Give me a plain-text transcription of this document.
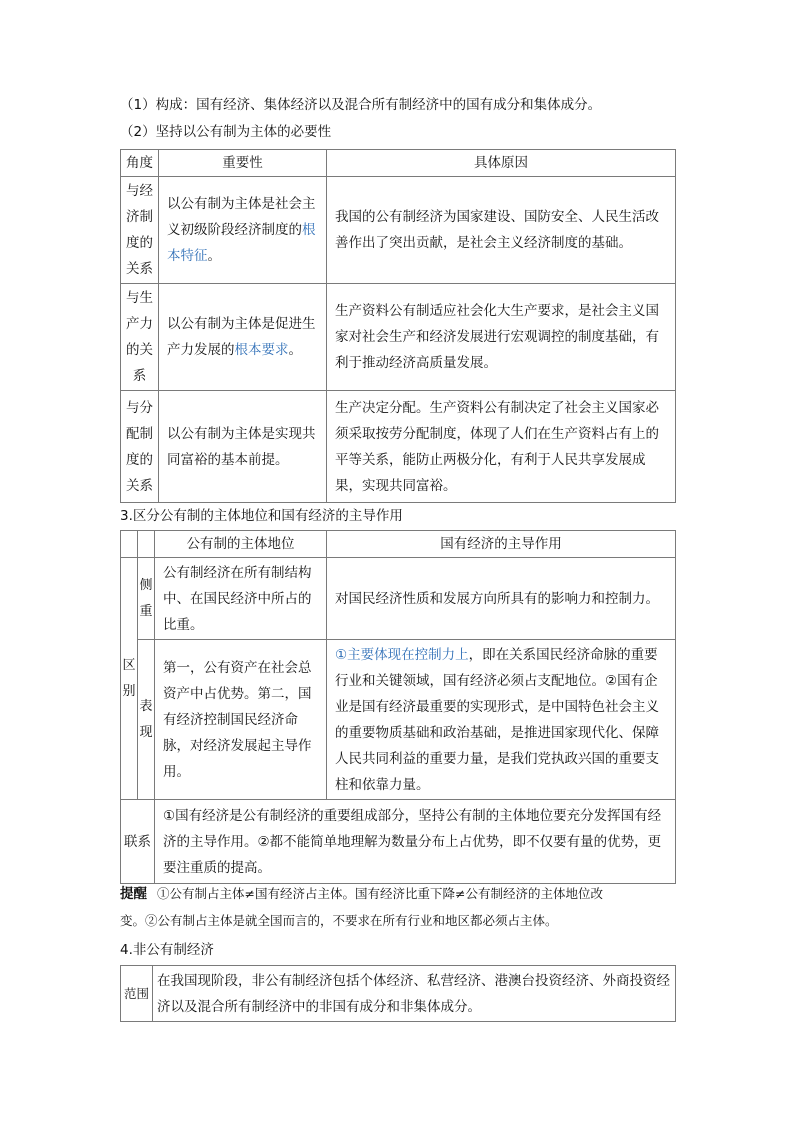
（1）构成：国有经济、集体经济以及混合所有制经济中的国有成分和集体成分。
（2）坚持以公有制为主体的必要性
角度	重要性	具体原因
与经济制度的关系	以公有制为主体是社会主义初级阶段经济制度的根本特征。	我国的公有制经济为国家建设、国防安全、人民生活改善作出了突出贡献，是社会主义经济制度的基础。
与生产力的关系	以公有制为主体是促进生产力发展的根本要求。	生产资料公有制适应社会化大生产要求，是社会主义国家对社会生产和经济发展进行宏观调控的制度基础，有利于推动经济高质量发展。
与分配制度的关系	以公有制为主体是实现共同富裕的基本前提。	生产决定分配。生产资料公有制决定了社会主义国家必须采取按劳分配制度，体现了人们在生产资料占有上的平等关系，能防止两极分化，有利于人民共享发展成果，实现共同富裕。
3.区分公有制的主体地位和国有经济的主导作用
		公有制的主体地位	国有经济的主导作用
区别	侧重	公有制经济在所有制结构中、在国民经济中所占的比重。	对国民经济性质和发展方向所具有的影响力和控制力。
	表现	第一，公有资产在社会总资产中占优势。第二，国有经济控制国民经济命脉，对经济发展起主导作用。	①主要体现在控制力上，即在关系国民经济命脉的重要行业和关键领域，国有经济必须占支配地位。②国有企业是国有经济最重要的实现形式，是中国特色社会主义的重要物质基础和政治基础，是推进国家现代化、保障人民共同利益的重要力量，是我们党执政兴国的重要支柱和依靠力量。
联系		①国有经济是公有制经济的重要组成部分，坚持公有制的主体地位要充分发挥国有经济的主导作用。②都不能简单地理解为数量分布上占优势，即不仅要有量的优势，更要注重质的提高。	
提醒 ①公有制占主体≠国有经济占主体。国有经济比重下降≠公有制经济的主体地位改
变。②公有制占主体是就全国而言的，不要求在所有行业和地区都必须占主体。
4.非公有制经济
范围	在我国现阶段，非公有制经济包括个体经济、私营经济、港澳台投资经济、外商投资经济以及混合所有制经济中的非国有成分和非集体成分。
